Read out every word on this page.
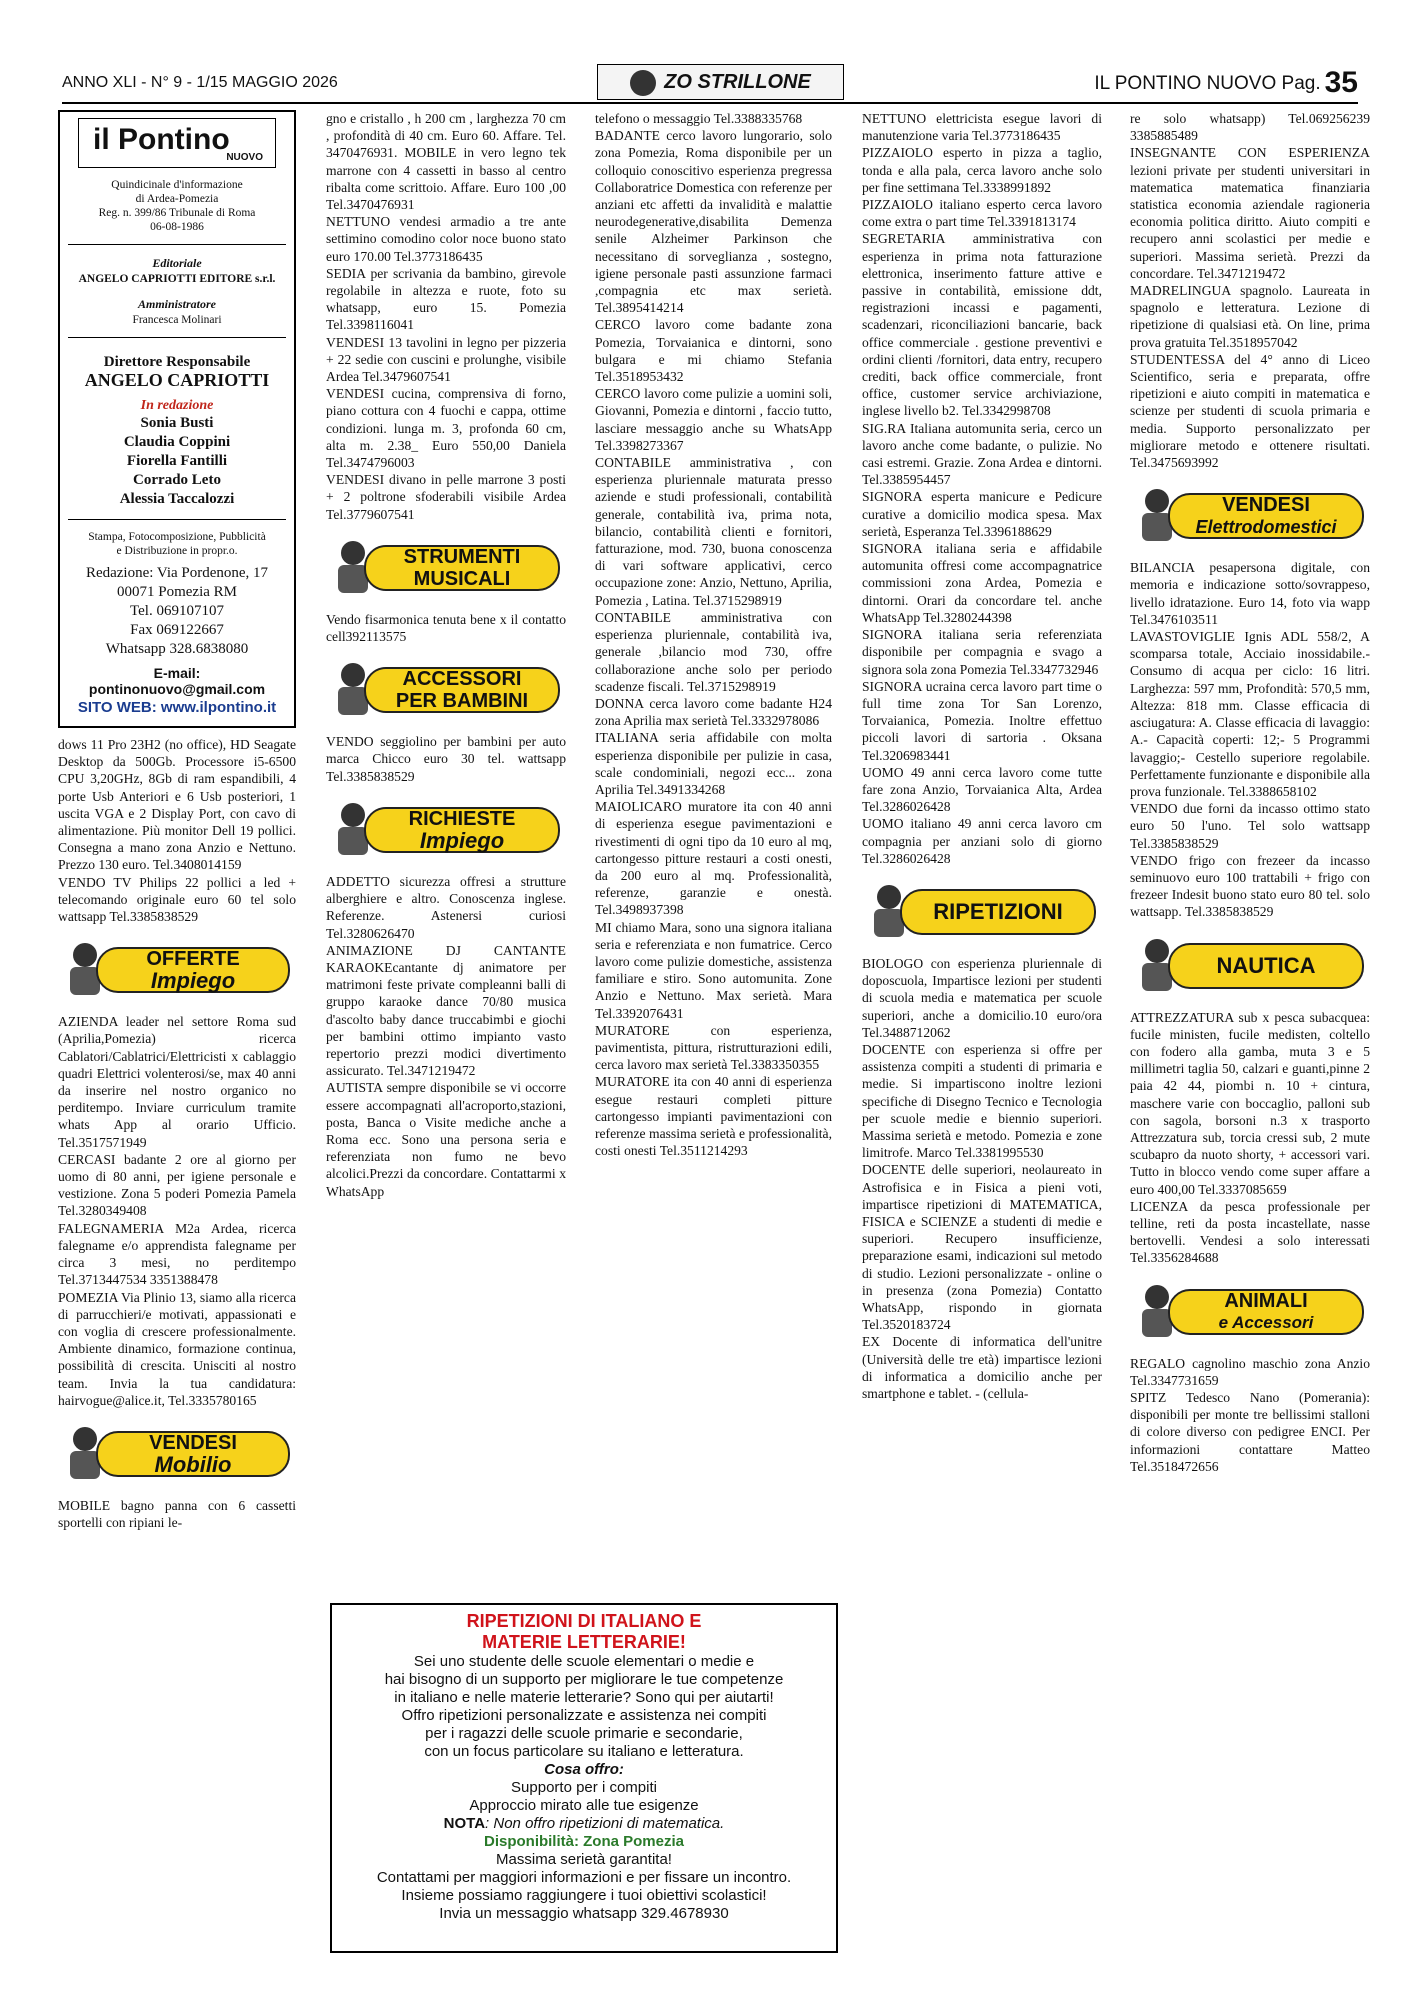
ANNO XLI - N° 9 - 1/15 MAGGIO 2026	ZO STRILLONE	IL PONTINO NUOVO Pag. 35
il Pontino
NUOVO
Quindicinale d'informazione
di Ardea-Pomezia
Reg. n. 399/86 Tribunale di Roma
06-08-1986
Editoriale
ANGELO CAPRIOTTI EDITORE s.r.l.
Amministratore
Francesca Molinari
Direttore Responsabile
ANGELO CAPRIOTTI
In redazione
Sonia Busti
Claudia Coppini
Fiorella Fantilli
Corrado Leto
Alessia Taccalozzi
Stampa, Fotocomposizione, Pubblicità
e Distribuzione in propr.o.
Redazione: Via Pordenone, 17
00071 Pomezia RM
Tel. 069107107
Fax 069122667
Whatsapp 328.6838080
E-mail: pontinonuovo@gmail.com
SITO WEB: www.ilpontino.it

dows 11 Pro 23H2 (no office), HD Seagate Desktop da 500Gb. Processore i5-6500 CPU 3,20GHz, 8Gb di ram espandibili, 4 porte Usb Anteriori e 6 Usb posteriori, 1 uscita VGA e 2 Display Port, con cavo di alimentazione. Più monitor Dell 19 pollici. Consegna a mano zona Anzio e Nettuno. Prezzo 130 euro. Tel.3408014159

VENDO TV Philips 22 pollici a led + telecomando originale euro 60 tel solo wattsapp Tel.3385838529

OFFERTE
Impiego

AZIENDA leader nel settore Roma sud (Aprilia,Pomezia) ricerca Cablatori/Cablatrici/Elettricisti x cablaggio quadri Elettrici volenterosi/se, max 40 anni da inserire nel nostro organico no perditempo. Inviare curriculum tramite whats App al orario Ufficio. Tel.3517571949

CERCASI badante 2 ore al giorno per uomo di 80 anni, per igiene personale e vestizione. Zona 5 poderi Pomezia Pamela Tel.3280349408

FALEGNAMERIA M2a Ardea, ricerca falegname e/o apprendista falegname per circa 3 mesi, no perditempo Tel.3713447534 3351388478

POMEZIA Via Plinio 13, siamo alla ricerca di parrucchieri/e motivati, appassionati e con voglia di crescere professionalmente. Ambiente dinamico, formazione continua, possibilità di crescita. Unisciti al nostro team. Invia la tua candidatura: hairvogue@alice.it, Tel.3335780165

VENDESI
Mobilio

MOBILE bagno panna con 6 cassetti sportelli con ripiani le-

gno e cristallo , h 200 cm , larghezza 70 cm , profondità di 40 cm. Euro 60. Affare. Tel. 3470476931. MOBILE in vero legno tek marrone con 4 cassetti in basso al centro ribalta come scrittoio. Affare. Euro 100 ,00 Tel.3470476931

NETTUNO vendesi armadio a tre ante settimino comodino color noce buono stato euro 170.00 Tel.3773186435

SEDIA per scrivania da bambino, girevole regolabile in altezza e ruote, foto su whatsapp, euro 15. Pomezia Tel.3398116041

VENDESI 13 tavolini in legno per pizzeria + 22 sedie con cuscini e prolunghe, visibile Ardea Tel.3479607541

VENDESI cucina, comprensiva di forno, piano cottura con 4 fuochi e cappa, ottime condizioni. lunga m. 3, profonda 60 cm, alta m. 2.38_ Euro 550,00 Daniela Tel.3474796003

VENDESI divano in pelle marrone 3 posti + 2 poltrone sfoderabili visibile Ardea Tel.3779607541

STRUMENTI
MUSICALI

Vendo fisarmonica tenuta bene x il contatto cell392113575

ACCESSORI
PER BAMBINI

VENDO seggiolino per bambini per auto marca Chicco euro 30 tel. wattsapp Tel.3385838529

RICHIESTE
Impiego

ADDETTO sicurezza offresi a strutture alberghiere e altro. Conoscenza inglese. Referenze. Astenersi curiosi Tel.3280626470

ANIMAZIONE DJ CANTANTE KARAOKEcantante dj animatore per matrimoni feste private compleanni balli di gruppo karaoke dance 70/80 musica d'ascolto baby dance truccabimbi e giochi per bambini ottimo impianto vasto repertorio prezzi modici divertimento assicurato. Tel.3471219472

AUTISTA sempre disponibile se vi occorre essere accompagnati all'acroporto,stazioni, posta, Banca o Visite mediche anche a Roma ecc. Sono una persona seria e referenziata non fumo ne bevo alcolici.Prezzi da concordare. Contattarmi x WhatsApp

telefono o messaggio Tel.3388335768

BADANTE cerco lavoro lungorario, solo zona Pomezia, Roma disponibile per un colloquio conoscitivo esperienza pregressa Collaboratrice Domestica con referenze per anziani etc affetti da invalidità e malattie neurodegenerative,disabilita Demenza senile Alzheimer Parkinson che necessitano di sorveglianza , sostegno, igiene personale pasti assunzione farmaci ,compagnia etc max serietà. Tel.3895414214

CERCO lavoro come badante zona Pomezia, Torvaianica e dintorni, sono bulgara e mi chiamo Stefania Tel.3518953432

CERCO lavoro come pulizie a uomini soli, Giovanni, Pomezia e dintorni , faccio tutto, lasciare messaggio anche su WhatsApp Tel.3398273367

CONTABILE amministrativa , con esperienza pluriennale maturata presso aziende e studi professionali, contabilità generale, contabilità iva, prima nota, bilancio, contabilità clienti e fornitori, fatturazione, mod. 730, buona conoscenza di vari software applicativi, cerco occupazione zone: Anzio, Nettuno, Aprilia, Pomezia , Latina. Tel.3715298919

CONTABILE amministrativa con esperienza pluriennale, contabilità iva, generale ,bilancio mod 730, offre collaborazione anche solo per periodo scadenze fiscali. Tel.3715298919

DONNA cerca lavoro come badante H24 zona Aprilia max serietà Tel.3332978086

ITALIANA seria affidabile con molta esperienza disponibile per pulizie in casa, scale condominiali, negozi ecc... zona Aprilia Tel.3491334268

MAIOLICARO muratore ita con 40 anni di esperienza esegue pavimentazioni e rivestimenti di ogni tipo da 10 euro al mq, cartongesso pitture restauri a costi onesti, da 200 euro al mq. Professionalità, referenze, garanzie e onestà. Tel.3498937398

MI chiamo Mara, sono una signora italiana seria e referenziata e non fumatrice. Cerco lavoro come pulizie domestiche, assistenza familiare e stiro. Sono automunita. Zone Anzio e Nettuno. Max serietà. Mara Tel.3392076431

MURATORE con esperienza, pavimentista, pittura, ristrutturazioni edili, cerca lavoro max serietà Tel.3383350355

MURATORE ita con 40 anni di esperienza esegue restauri completi pitture cartongesso impianti pavimentazioni con referenze massima serietà e professionalità, costi onesti Tel.3511214293

NETTUNO elettricista esegue lavori di manutenzione varia Tel.3773186435

PIZZAIOLO esperto in pizza a taglio, tonda e alla pala, cerca lavoro anche solo per fine settimana Tel.3338991892

PIZZAIOLO italiano esperto cerca lavoro come extra o part time Tel.3391813174

SEGRETARIA amministrativa con esperienza in prima nota fatturazione elettronica, inserimento fatture attive e passive in contabilità, emissione ddt, registrazioni incassi e pagamenti, scadenzari, riconciliazioni bancarie, back office commerciale . gestione preventivi e ordini clienti /fornitori, data entry, recupero crediti, back office commerciale, front office, customer service archiviazione, inglese livello b2. Tel.3342998708

SIG.RA Italiana automunita seria, cerco un lavoro anche come badante, o pulizie. No casi estremi. Grazie. Zona Ardea e dintorni. Tel.3385954457

SIGNORA esperta manicure e Pedicure curative a domicilio modica spesa. Max serietà, Esperanza Tel.3396188629

SIGNORA italiana seria e affidabile automunita offresi come accompagnatrice commissioni zona Ardea, Pomezia e dintorni. Orari da concordare tel. anche WhatsApp Tel.3280244398

SIGNORA italiana seria referenziata disponibile per compagnia e svago a signora sola zona Pomezia Tel.3347732946

SIGNORA ucraina cerca lavoro part time o full time zona Tor San Lorenzo, Torvaianica, Pomezia. Inoltre effettuo piccoli lavori di sartoria . Oksana Tel.3206983441

UOMO 49 anni cerca lavoro come tutte fare zona Anzio, Torvaianica Alta, Ardea Tel.3286026428

UOMO italiano 49 anni cerca lavoro cm compagnia per anziani solo di giorno Tel.3286026428

RIPETIZIONI

BIOLOGO con esperienza pluriennale di doposcuola, Impartisce lezioni per studenti di scuola media e matematica per scuole superiori, anche a domicilio.10 euro/ora Tel.3488712062

DOCENTE con esperienza si offre per assistenza compiti a studenti di primaria e medie. Si impartiscono inoltre lezioni specifiche di Disegno Tecnico e Tecnologia per scuole medie e biennio superiori. Massima serietà e metodo. Pomezia e zone limitrofe. Marco Tel.3381995530

DOCENTE delle superiori, neolaureato in Astrofisica e in Fisica a pieni voti, impartisce ripetizioni di MATEMATICA, FISICA e SCIENZE a studenti di medie e superiori. Recupero insufficienze, preparazione esami, indicazioni sul metodo di studio. Lezioni personalizzate - online o in presenza (zona Pomezia) Contatto WhatsApp, rispondo in giornata Tel.3520183724

EX Docente di informatica dell'unitre (Università delle tre età) impartisce lezioni di informatica a domicilio anche per smartphone e tablet. - (cellula-

re solo whatsapp) Tel.069256239 3385885489

INSEGNANTE CON ESPERIENZA lezioni private per studenti universitari in matematica matematica finanziaria statistica economia aziendale ragioneria economia politica diritto. Aiuto compiti e recupero anni scolastici per medie e superiori. Massima serietà. Prezzi da concordare. Tel.3471219472

MADRELINGUA spagnolo. Laureata in spagnolo e letteratura. Lezione di ripetizione di qualsiasi età. On line, prima prova gratuita Tel.3518957042

STUDENTESSA del 4° anno di Liceo Scientifico, seria e preparata, offre ripetizioni e aiuto compiti in matematica e scienze per studenti di scuola primaria e media. Supporto personalizzato per migliorare metodo e ottenere risultati. Tel.3475693992

VENDESI
Elettrodomestici

BILANCIA pesapersona digitale, con memoria e indicazione sotto/sovrappeso, livello idratazione. Euro 14, foto via wapp Tel.3476103511

LAVASTOVIGLIE Ignis ADL 558/2, A scomparsa totale, Acciaio inossidabile.- Consumo di acqua per ciclo: 16 litri. Larghezza: 597 mm, Profondità: 570,5 mm, Altezza: 818 mm. Classe efficacia di asciugatura: A. Classe efficacia di lavaggio: A.- Capacità coperti: 12;- 5 Programmi lavaggio;- Cestello superiore regolabile. Perfettamente funzionante e disponibile alla prova funzionale. Tel.3388658102

VENDO due forni da incasso ottimo stato euro 50 l'uno. Tel solo wattsapp Tel.3385838529

VENDO frigo con frezeer da incasso seminuovo euro 100 trattabili + frigo con frezeer Indesit buono stato euro 80 tel. solo wattsapp. Tel.3385838529

NAUTICA

ATTREZZATURA sub x pesca subacquea: fucile ministen, fucile medisten, coltello con fodero alla gamba, muta 3 e 5 millimetri taglia 50, calzari e guanti,pinne 2 paia 42 44, piombi n. 10 + cintura, maschere varie con boccaglio, palloni sub con sagola, borsoni n.3 x trasporto Attrezzatura sub, torcia cressi sub, 2 mute scubapro da nuoto shorty, + accessori vari. Tutto in blocco vendo come super affare a euro 400,00 Tel.3337085659

LICENZA da pesca professionale per telline, reti da posta incastellate, nasse bertovelli. Vendesi a solo interessati Tel.3356284688

ANIMALI
e Accessori

REGALO cagnolino maschio zona Anzio Tel.3347731659

SPITZ Tedesco Nano (Pomerania): disponibili per monte tre bellissimi stalloni di colore diverso con pedigree ENCI. Per informazioni contattare Matteo Tel.3518472656

RIPETIZIONI DI ITALIANO E
MATERIE LETTERARIE!
Sei uno studente delle scuole elementari o medie e
hai bisogno di un supporto per migliorare le tue competenze
in italiano e nelle materie letterarie? Sono qui per aiutarti!
Offro ripetizioni personalizzate e assistenza nei compiti
per i ragazzi delle scuole primarie e secondarie,
con un focus particolare su italiano e letteratura.
Cosa offro:
Supporto per i compiti
Approccio mirato alle tue esigenze
NOTA: Non offro ripetizioni di matematica.
Disponibilità: Zona Pomezia
Massima serietà garantita!
Contattami per maggiori informazioni e per fissare un incontro.
Insieme possiamo raggiungere i tuoi obiettivi scolastici!
Invia un messaggio whatsapp 329.4678930
